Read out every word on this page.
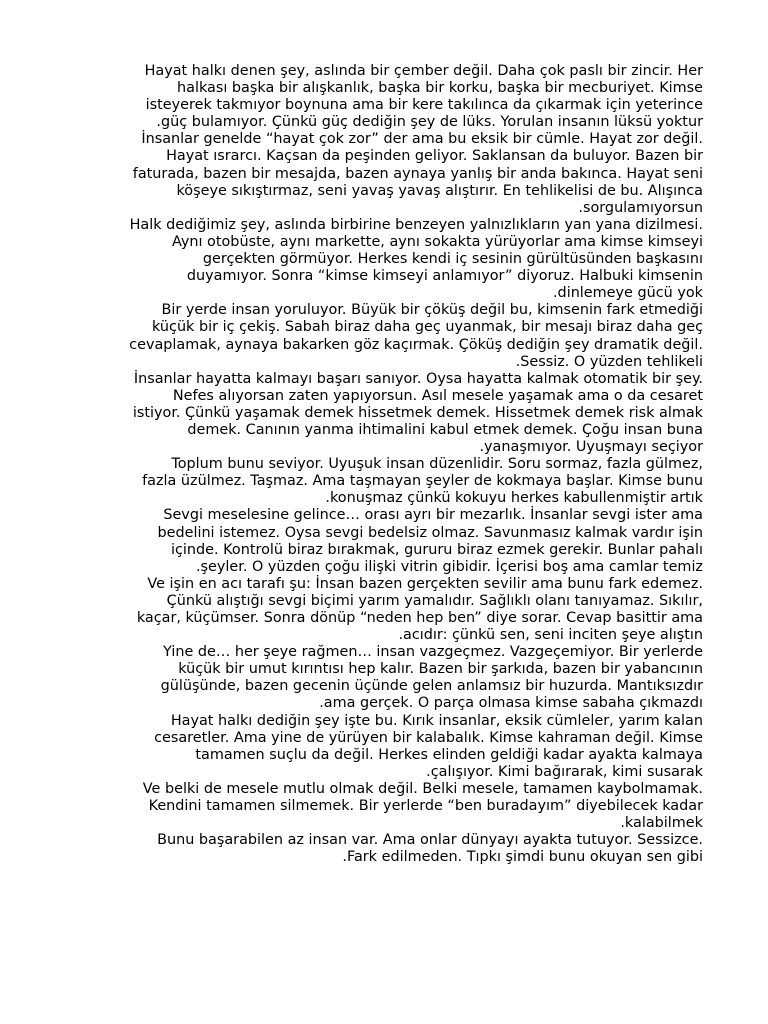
Hayat halkı denen şey, aslında bir çember değil. Daha çok paslı bir zincir. Her
halkası başka bir alışkanlık, başka bir korku, başka bir mecburiyet. Kimse
isteyerek takmıyor boynuna ama bir kere takılınca da çıkarmak için yeterince
.güç bulamıyor. Çünkü güç dediğin şey de lüks. Yorulan insanın lüksü yoktur
İnsanlar genelde “hayat çok zor” der ama bu eksik bir cümle. Hayat zor değil.
Hayat ısrarcı. Kaçsan da peşinden geliyor. Saklansan da buluyor. Bazen bir
faturada, bazen bir mesajda, bazen aynaya yanlış bir anda bakınca. Hayat seni
köşeye sıkıştırmaz, seni yavaş yavaş alıştırır. En tehlikelisi de bu. Alışınca
.sorgulamıyorsun
Halk dediğimiz şey, aslında birbirine benzeyen yalnızlıkların yan yana dizilmesi.
Aynı otobüste, aynı markette, aynı sokakta yürüyorlar ama kimse kimseyi
gerçekten görmüyor. Herkes kendi iç sesinin gürültüsünden başkasını
duyamıyor. Sonra “kimse kimseyi anlamıyor” diyoruz. Halbuki kimsenin
.dinlemeye gücü yok
Bir yerde insan yoruluyor. Büyük bir çöküş değil bu, kimsenin fark etmediği
küçük bir iç çekiş. Sabah biraz daha geç uyanmak, bir mesajı biraz daha geç
cevaplamak, aynaya bakarken göz kaçırmak. Çöküş dediğin şey dramatik değil.
.Sessiz. O yüzden tehlikeli
İnsanlar hayatta kalmayı başarı sanıyor. Oysa hayatta kalmak otomatik bir şey.
Nefes alıyorsan zaten yapıyorsun. Asıl mesele yaşamak ama o da cesaret
istiyor. Çünkü yaşamak demek hissetmek demek. Hissetmek demek risk almak
demek. Canının yanma ihtimalini kabul etmek demek. Çoğu insan buna
.yanaşmıyor. Uyuşmayı seçiyor
Toplum bunu seviyor. Uyuşuk insan düzenlidir. Soru sormaz, fazla gülmez,
fazla üzülmez. Taşmaz. Ama taşmayan şeyler de kokmaya başlar. Kimse bunu
.konuşmaz çünkü kokuyu herkes kabullenmiştir artık
Sevgi meselesine gelince… orası ayrı bir mezarlık. İnsanlar sevgi ister ama
bedelini istemez. Oysa sevgi bedelsiz olmaz. Savunmasız kalmak vardır işin
içinde. Kontrolü biraz bırakmak, gururu biraz ezmek gerekir. Bunlar pahalı
.şeyler. O yüzden çoğu ilişki vitrin gibidir. İçerisi boş ama camlar temiz
Ve işin en acı tarafı şu: İnsan bazen gerçekten sevilir ama bunu fark edemez.
Çünkü alıştığı sevgi biçimi yarım yamalıdır. Sağlıklı olanı tanıyamaz. Sıkılır,
kaçar, küçümser. Sonra dönüp “neden hep ben” diye sorar. Cevap basittir ama
.acıdır: çünkü sen, seni inciten şeye alıştın
Yine de… her şeye rağmen… insan vazgeçmez. Vazgeçemiyor. Bir yerlerde
küçük bir umut kırıntısı hep kalır. Bazen bir şarkıda, bazen bir yabancının
gülüşünde, bazen gecenin üçünde gelen anlamsız bir huzurda. Mantıksızdır
.ama gerçek. O parça olmasa kimse sabaha çıkmazdı
Hayat halkı dediğin şey işte bu. Kırık insanlar, eksik cümleler, yarım kalan
cesaretler. Ama yine de yürüyen bir kalabalık. Kimse kahraman değil. Kimse
tamamen suçlu da değil. Herkes elinden geldiği kadar ayakta kalmaya
.çalışıyor. Kimi bağırarak, kimi susarak
Ve belki de mesele mutlu olmak değil. Belki mesele, tamamen kaybolmamak.
Kendini tamamen silmemek. Bir yerlerde “ben buradayım” diyebilecek kadar
.kalabilmek
Bunu başarabilen az insan var. Ama onlar dünyayı ayakta tutuyor. Sessizce.
.Fark edilmeden. Tıpkı şimdi bunu okuyan sen gibi
